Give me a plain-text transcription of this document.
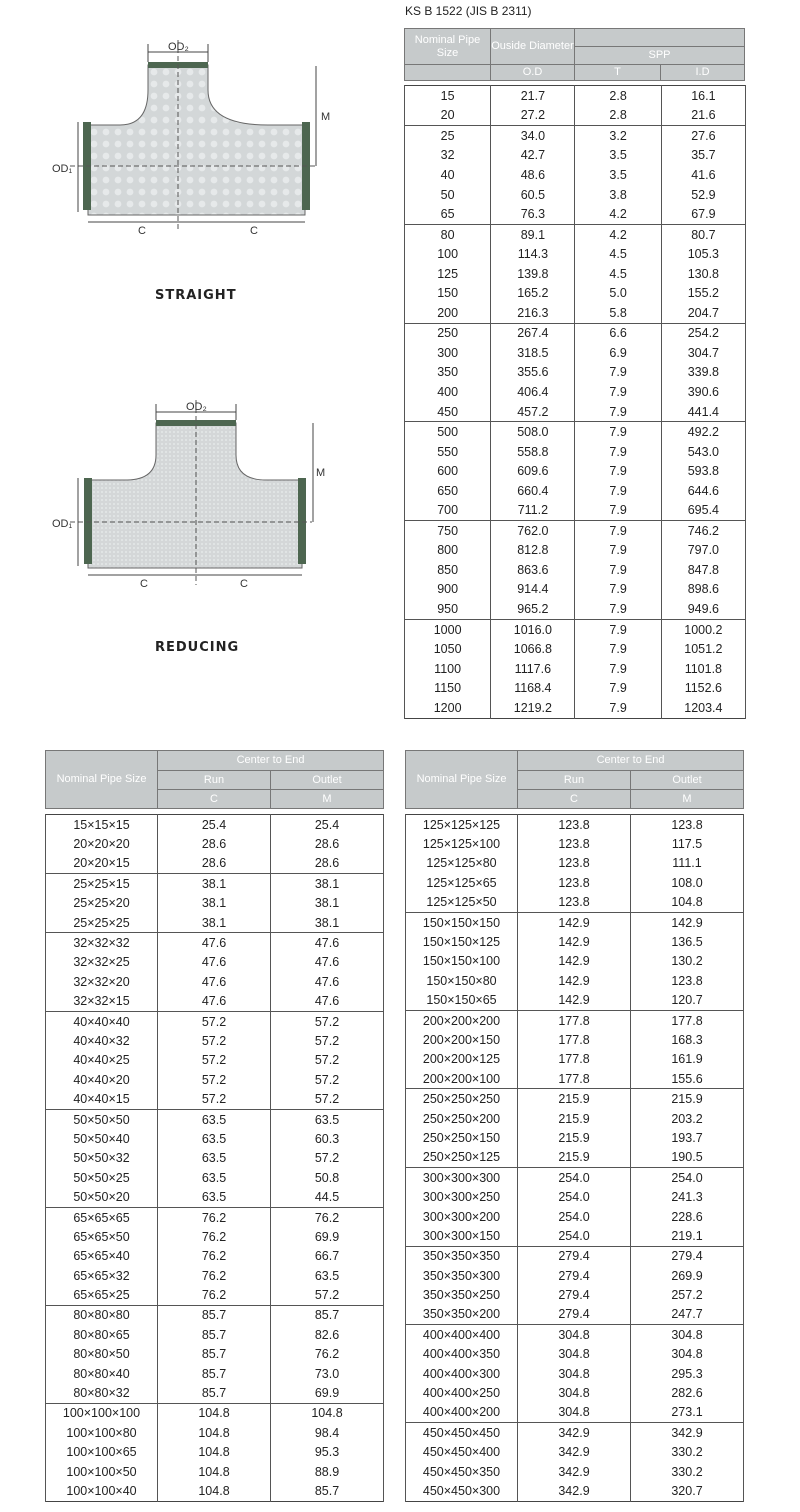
KS B 1522 (JIS B 2311)
OD₂
M
OD₁
C	C
STRAIGHT
OD₂
M
OD₁
C	C
REDUCING
Nominal Pipe Size	Ouside Diameter		
		SPP	
	O.D	T	I.D
15	21.7	2.8	16.1
20	27.2	2.8	21.6
25	34.0	3.2	27.6
32	42.7	3.5	35.7
40	48.6	3.5	41.6
50	60.5	3.8	52.9
65	76.3	4.2	67.9
80	89.1	4.2	80.7
100	114.3	4.5	105.3
125	139.8	4.5	130.8
150	165.2	5.0	155.2
200	216.3	5.8	204.7
250	267.4	6.6	254.2
300	318.5	6.9	304.7
350	355.6	7.9	339.8
400	406.4	7.9	390.6
450	457.2	7.9	441.4
500	508.0	7.9	492.2
550	558.8	7.9	543.0
600	609.6	7.9	593.8
650	660.4	7.9	644.6
700	711.2	7.9	695.4
750	762.0	7.9	746.2
800	812.8	7.9	797.0
850	863.6	7.9	847.8
900	914.4	7.9	898.6
950	965.2	7.9	949.6
1000	1016.0	7.9	1000.2
1050	1066.8	7.9	1051.2
1100	1117.6	7.9	1101.8
1150	1168.4	7.9	1152.6
1200	1219.2	7.9	1203.4
Nominal Pipe Size	Center to End	
	Run	Outlet
	C	M
15×15×15	25.4	25.4
20×20×20	28.6	28.6
20×20×15	28.6	28.6
25×25×15	38.1	38.1
25×25×20	38.1	38.1
25×25×25	38.1	38.1
32×32×32	47.6	47.6
32×32×25	47.6	47.6
32×32×20	47.6	47.6
32×32×15	47.6	47.6
40×40×40	57.2	57.2
40×40×32	57.2	57.2
40×40×25	57.2	57.2
40×40×20	57.2	57.2
40×40×15	57.2	57.2
50×50×50	63.5	63.5
50×50×40	63.5	60.3
50×50×32	63.5	57.2
50×50×25	63.5	50.8
50×50×20	63.5	44.5
65×65×65	76.2	76.2
65×65×50	76.2	69.9
65×65×40	76.2	66.7
65×65×32	76.2	63.5
65×65×25	76.2	57.2
80×80×80	85.7	85.7
80×80×65	85.7	82.6
80×80×50	85.7	76.2
80×80×40	85.7	73.0
80×80×32	85.7	69.9
100×100×100	104.8	104.8
100×100×80	104.8	98.4
100×100×65	104.8	95.3
100×100×50	104.8	88.9
100×100×40	104.8	85.7
Nominal Pipe Size	Center to End	
	Run	Outlet
	C	M
125×125×125	123.8	123.8
125×125×100	123.8	117.5
125×125×80	123.8	111.1
125×125×65	123.8	108.0
125×125×50	123.8	104.8
150×150×150	142.9	142.9
150×150×125	142.9	136.5
150×150×100	142.9	130.2
150×150×80	142.9	123.8
150×150×65	142.9	120.7
200×200×200	177.8	177.8
200×200×150	177.8	168.3
200×200×125	177.8	161.9
200×200×100	177.8	155.6
250×250×250	215.9	215.9
250×250×200	215.9	203.2
250×250×150	215.9	193.7
250×250×125	215.9	190.5
300×300×300	254.0	254.0
300×300×250	254.0	241.3
300×300×200	254.0	228.6
300×300×150	254.0	219.1
350×350×350	279.4	279.4
350×350×300	279.4	269.9
350×350×250	279.4	257.2
350×350×200	279.4	247.7
400×400×400	304.8	304.8
400×400×350	304.8	304.8
400×400×300	304.8	295.3
400×400×250	304.8	282.6
400×400×200	304.8	273.1
450×450×450	342.9	342.9
450×450×400	342.9	330.2
450×450×350	342.9	330.2
450×450×300	342.9	320.7
